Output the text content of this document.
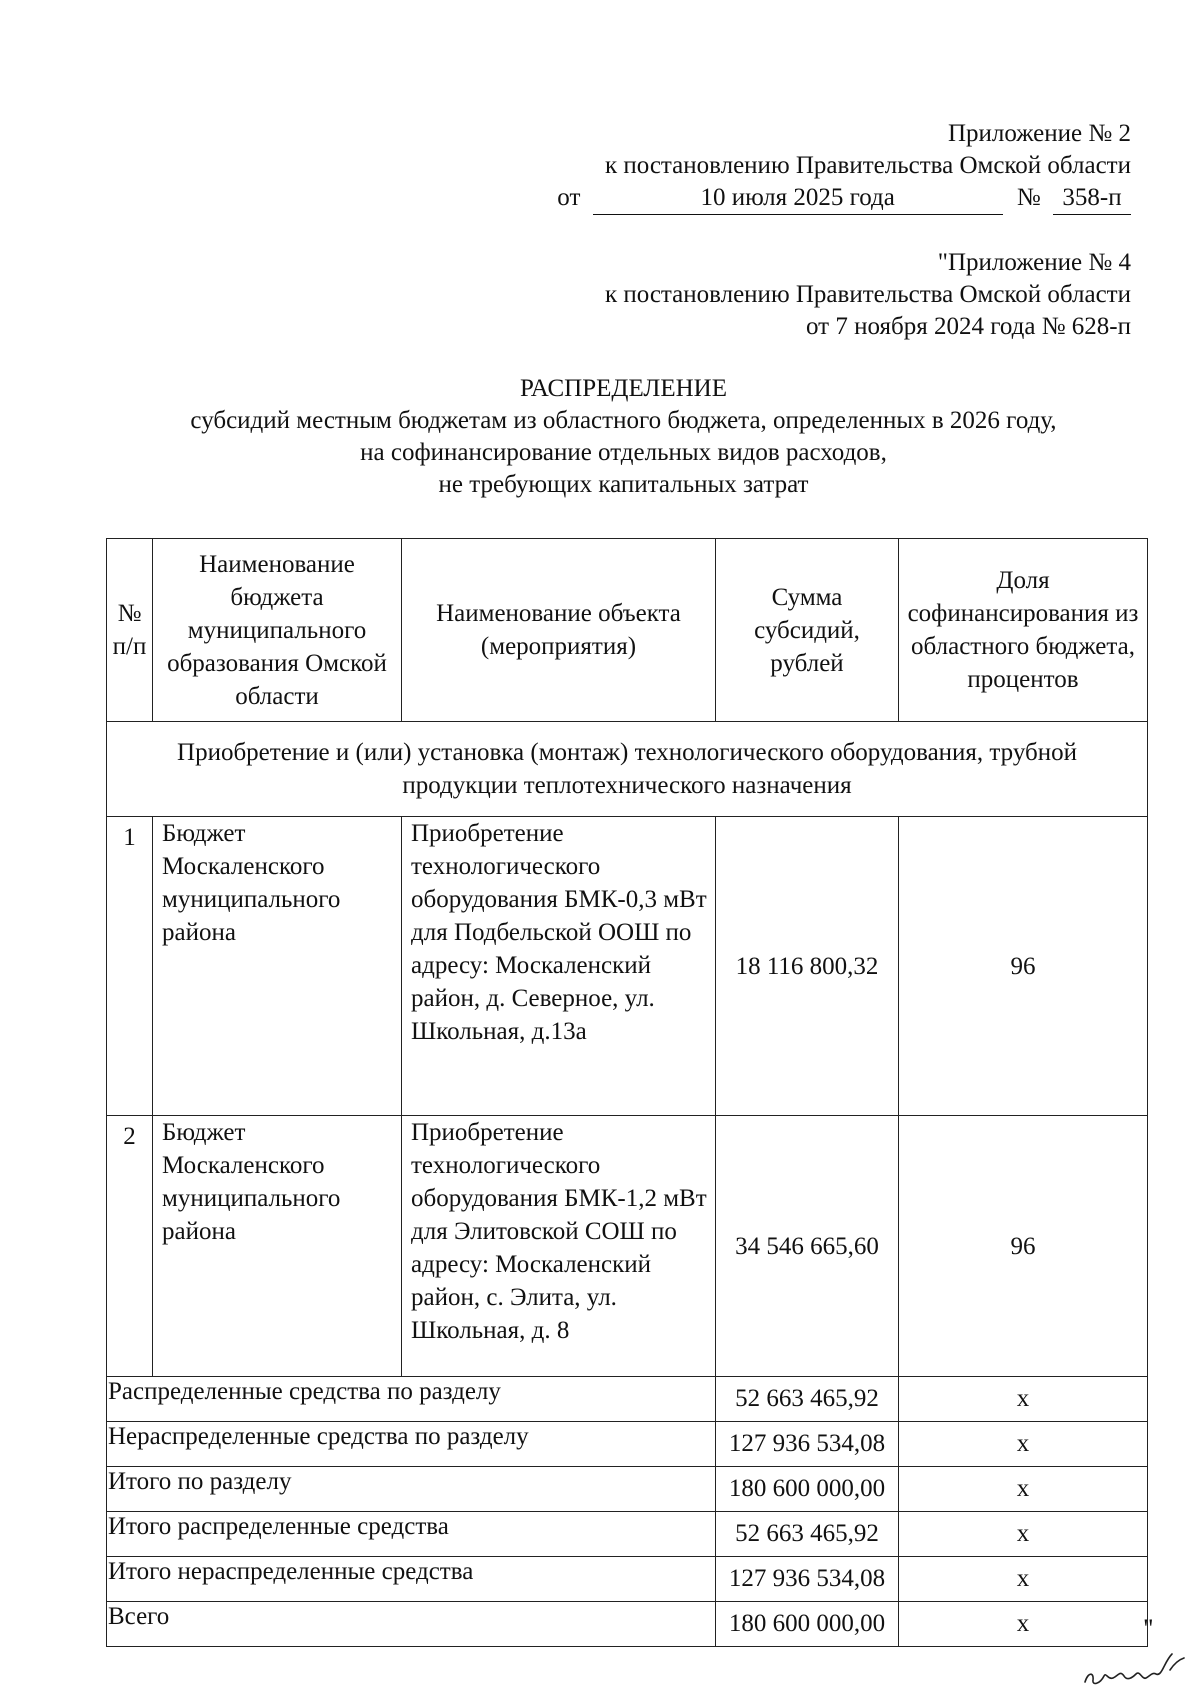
Приложение № 2
к постановлению Правительства Омской области
от	10 июля 2025 года	№ 358-п
"Приложение № 4
к постановлению Правительства Омской области
от 7 ноября 2024 года № 628-п
РАСПРЕДЕЛЕНИЕ
субсидий местным бюджетам из областного бюджета, определенных в 2026 году,
на софинансирование отдельных видов расходов,
не требующих капитальных затрат
№ п/п	Наименование бюджета муниципального образования Омской области	Наименование объекта (мероприятия)	Сумма субсидий, рублей	Доля софинансирования из областного бюджета, процентов
Приобретение и (или) установка (монтаж) технологического оборудования, трубной продукции теплотехнического назначения				
1	Бюджет Москаленского муниципального района	Приобретение технологического оборудования БМК-0,3 мВт для Подбельской ООШ по адресу: Москаленский район, д. Северное, ул. Школьная, д.13а	18 116 800,32	96
2	Бюджет Москаленского муниципального района	Приобретение технологического оборудования БМК-1,2 мВт для Элитовской СОШ по адресу: Москаленский район, с. Элита, ул. Школьная, д. 8	34 546 665,60	96
Распределенные средства по разделу			52 663 465,92	х
Нераспределенные средства по разделу			127 936 534,08	х
Итого по разделу			180 600 000,00	х
Итого распределенные средства			52 663 465,92	х
Итого нераспределенные средства			127 936 534,08	х
Всего			180 600 000,00	х	"
